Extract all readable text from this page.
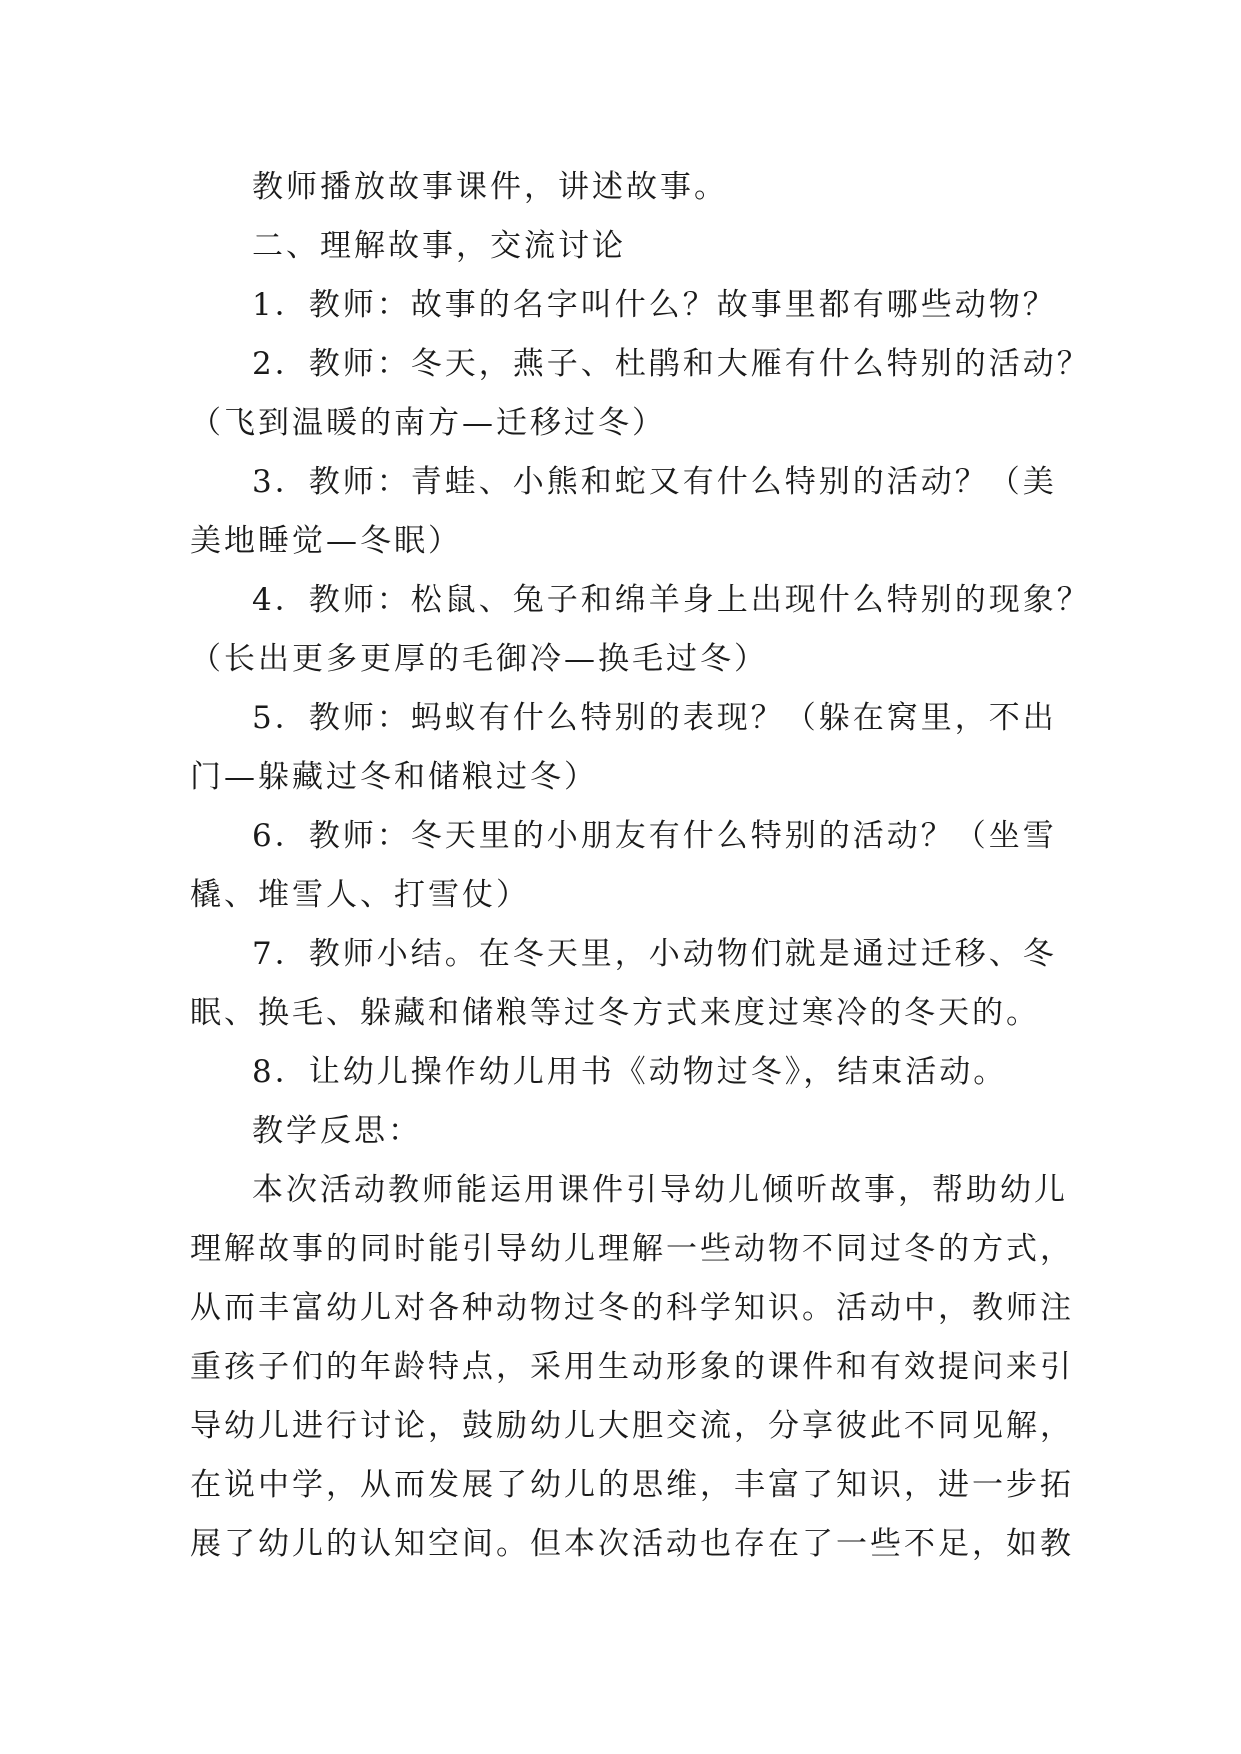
教师播放故事课件，讲述故事。
二、理解故事，交流讨论
1．教师：故事的名字叫什么？故事里都有哪些动物？
2．教师：冬天，燕子、杜鹃和大雁有什么特别的活动？
（飞到温暖的南方—迁移过冬）
3．教师：青蛙、小熊和蛇又有什么特别的活动？（美
美地睡觉—冬眠）
4．教师：松鼠、兔子和绵羊身上出现什么特别的现象？
（长出更多更厚的毛御冷—换毛过冬）
5．教师：蚂蚁有什么特别的表现？（躲在窝里，不出
门—躲藏过冬和储粮过冬）
6．教师：冬天里的小朋友有什么特别的活动？（坐雪
橇、堆雪人、打雪仗）
7．教师小结。在冬天里，小动物们就是通过迁移、冬
眠、换毛、躲藏和储粮等过冬方式来度过寒冷的冬天的。
8．让幼儿操作幼儿用书《动物过冬》，结束活动。
教学反思：
本次活动教师能运用课件引导幼儿倾听故事，帮助幼儿
理解故事的同时能引导幼儿理解一些动物不同过冬的方式，
从而丰富幼儿对各种动物过冬的科学知识。活动中，教师注
重孩子们的年龄特点，采用生动形象的课件和有效提问来引
导幼儿进行讨论，鼓励幼儿大胆交流，分享彼此不同见解，
在说中学，从而发展了幼儿的思维，丰富了知识，进一步拓
展了幼儿的认知空间。但本次活动也存在了一些不足，如教
